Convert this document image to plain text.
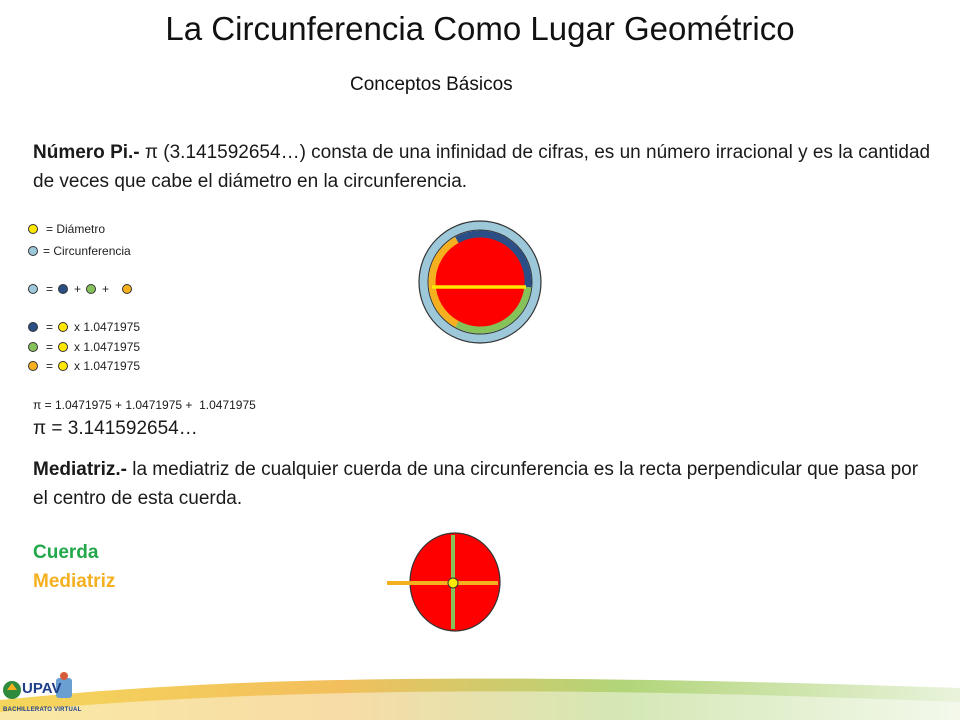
La Circunferencia Como Lugar Geométrico
Conceptos Básicos
Número Pi.- π (3.141592654…) consta de una infinidad de cifras, es un número irracional y es la cantidad de veces que cabe el diámetro en la circunferencia.
= Diámetro
= Circunferencia
= + +
= x 1.0471975
= x 1.0471975
= x 1.0471975
π = 1.0471975 + 1.0471975 +  1.0471975
π = 3.141592654…
Mediatriz.- la mediatriz de cualquier cuerda de una circunferencia es la recta perpendicular que pasa por el centro de esta cuerda.
Cuerda
Mediatriz
UPAV
BACHILLERATO VIRTUAL
